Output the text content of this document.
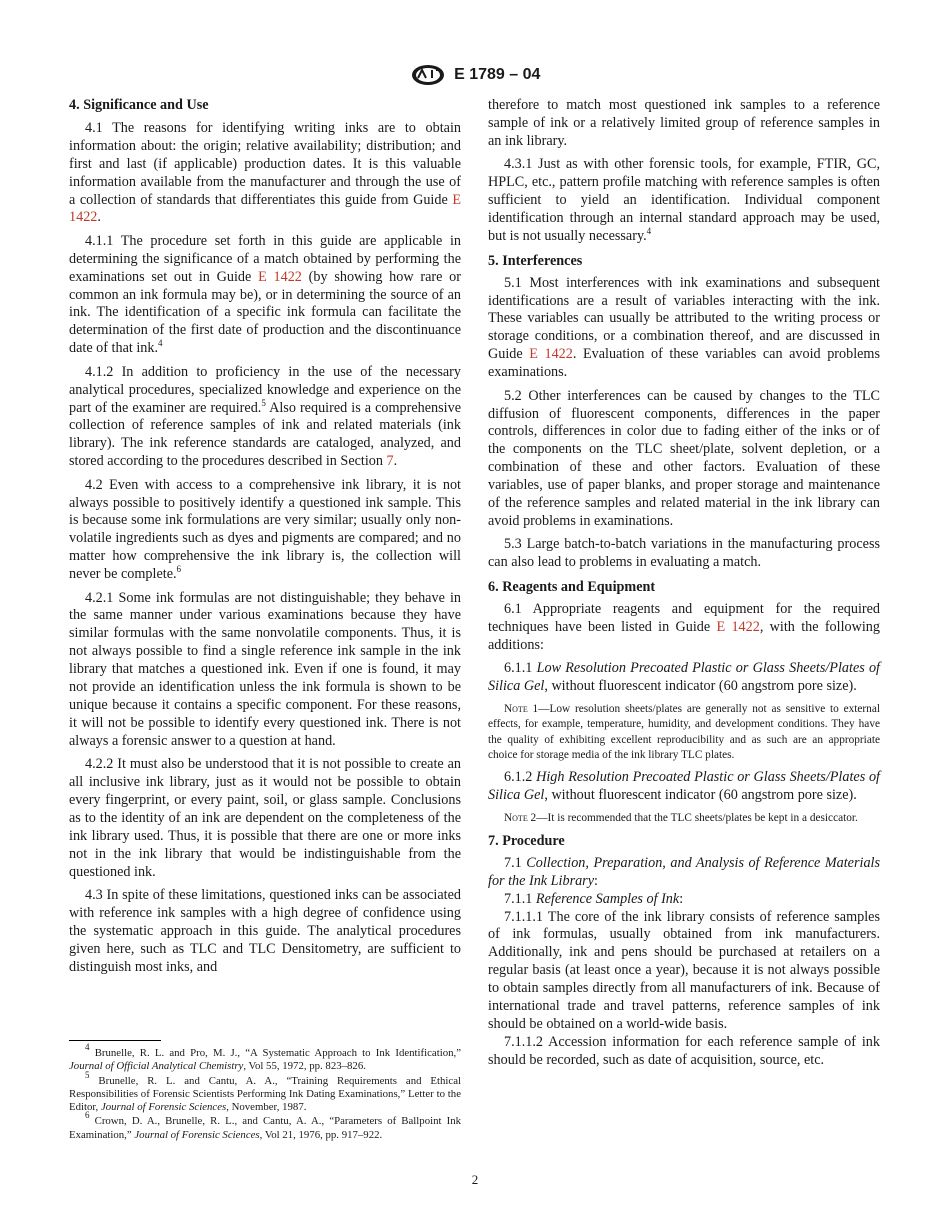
E 1789 – 04
4. Significance and Use

4.1 The reasons for identifying writing inks are to obtain information about: the origin; relative availability; distribution; and first and last (if applicable) production dates. It is this valuable information available from the manufacturer and through the use of a collection of standards that differentiates this guide from Guide E 1422.

4.1.1 The procedure set forth in this guide are applicable in determining the significance of a match obtained by performing the examinations set out in Guide E 1422 (by showing how rare or common an ink formula may be), or in determining the source of an ink. The identification of a specific ink formula can facilitate the determination of the first date of production and the discontinuance date of that ink.$^4$

4.1.2 In addition to proficiency in the use of the necessary analytical procedures, specialized knowledge and experience on the part of the examiner are required.$^5$ Also required is a comprehensive collection of reference samples of ink and related materials (ink library). The ink reference standards are cataloged, analyzed, and stored according to the procedures described in Section 7.

4.2 Even with access to a comprehensive ink library, it is not always possible to positively identify a questioned ink sample. This is because some ink formulations are very similar; usually only non-volatile ingredients such as dyes and pigments are compared; and no matter how comprehensive the ink library is, the collection will never be complete.$^6$

4.2.1 Some ink formulas are not distinguishable; they behave in the same manner under various examinations because they have similar formulas with the same nonvolatile components. Thus, it is not always possible to find a single reference ink sample in the ink library that matches a questioned ink. Even if one is found, it may not provide an identification unless the ink formula is shown to be unique because it contains a specific component. For these reasons, it will not be possible to identify every questioned ink. There is not always a forensic answer to a question at hand.

4.2.2 It must also be understood that it is not possible to create an all inclusive ink library, just as it would not be possible to obtain every fingerprint, or every paint, soil, or glass sample. Conclusions as to the identity of an ink are dependent on the completeness of the ink library used. Thus, it is possible that there are one or more inks not in the ink library that would be indistinguishable from the questioned ink.

4.3 In spite of these limitations, questioned inks can be associated with reference ink samples with a high degree of confidence using the systematic approach in this guide. The analytical procedures given here, such as TLC and TLC Densitometry, are sufficient to distinguish most inks, and

$^4$ Brunelle, R. L. and Pro, M. J., “A Systematic Approach to Ink Identification,” Journal of Official Analytical Chemistry, Vol 55, 1972, pp. 823–826.

$^5$ Brunelle, R. L. and Cantu, A. A., “Training Requirements and Ethical Responsibilities of Forensic Scientists Performing Ink Dating Examinations,” Letter to the Editor, Journal of Forensic Sciences, November, 1987.

$^6$ Crown, D. A., Brunelle, R. L., and Cantu, A. A., “Parameters of Ballpoint Ink Examination,” Journal of Forensic Sciences, Vol 21, 1976, pp. 917–922.

therefore to match most questioned ink samples to a reference sample of ink or a relatively limited group of reference samples in an ink library.

4.3.1 Just as with other forensic tools, for example, FTIR, GC, HPLC, etc., pattern profile matching with reference samples is often sufficient to yield an identification. Individual component identification through an internal standard approach may be used, but is not usually necessary.$^4$

5. Interferences

5.1 Most interferences with ink examinations and subsequent identifications are a result of variables interacting with the ink. These variables can usually be attributed to the writing process or storage conditions, or a combination thereof, and are discussed in Guide E 1422. Evaluation of these variables can avoid problems examinations.

5.2 Other interferences can be caused by changes to the TLC diffusion of fluorescent components, differences in the paper controls, differences in color due to fading either of the inks or of the components on the TLC sheet/plate, solvent depletion, or a combination of these and other factors. Evaluation of these variables, use of paper blanks, and proper storage and maintenance of the reference samples and related material in the ink library can avoid problems in examinations.

5.3 Large batch-to-batch variations in the manufacturing process can also lead to problems in evaluating a match.

6. Reagents and Equipment

6.1 Appropriate reagents and equipment for the required techniques have been listed in Guide E 1422, with the following additions:

6.1.1 Low Resolution Precoated Plastic or Glass Sheets/Plates of Silica Gel, without fluorescent indicator (60 angstrom pore size).

Note 1—Low resolution sheets/plates are generally not as sensitive to external effects, for example, temperature, humidity, and development conditions. They have the quality of exhibiting excellent reproducibility and as such are an appropriate choice for storage media of the ink library TLC plates.

6.1.2 High Resolution Precoated Plastic or Glass Sheets/Plates of Silica Gel, without fluorescent indicator (60 angstrom pore size).

Note 2—It is recommended that the TLC sheets/plates be kept in a desiccator.

7. Procedure

7.1 Collection, Preparation, and Analysis of Reference Materials for the Ink Library:

7.1.1 Reference Samples of Ink:

7.1.1.1 The core of the ink library consists of reference samples of ink formulas, usually obtained from ink manufacturers. Additionally, ink and pens should be purchased at retailers on a regular basis (at least once a year), because it is not always possible to obtain samples directly from all manufacturers of ink. Because of international trade and travel patterns, reference samples of ink should be obtained on a world-wide basis.

7.1.1.2 Accession information for each reference sample of ink should be recorded, such as date of acquisition, source, etc.

2
